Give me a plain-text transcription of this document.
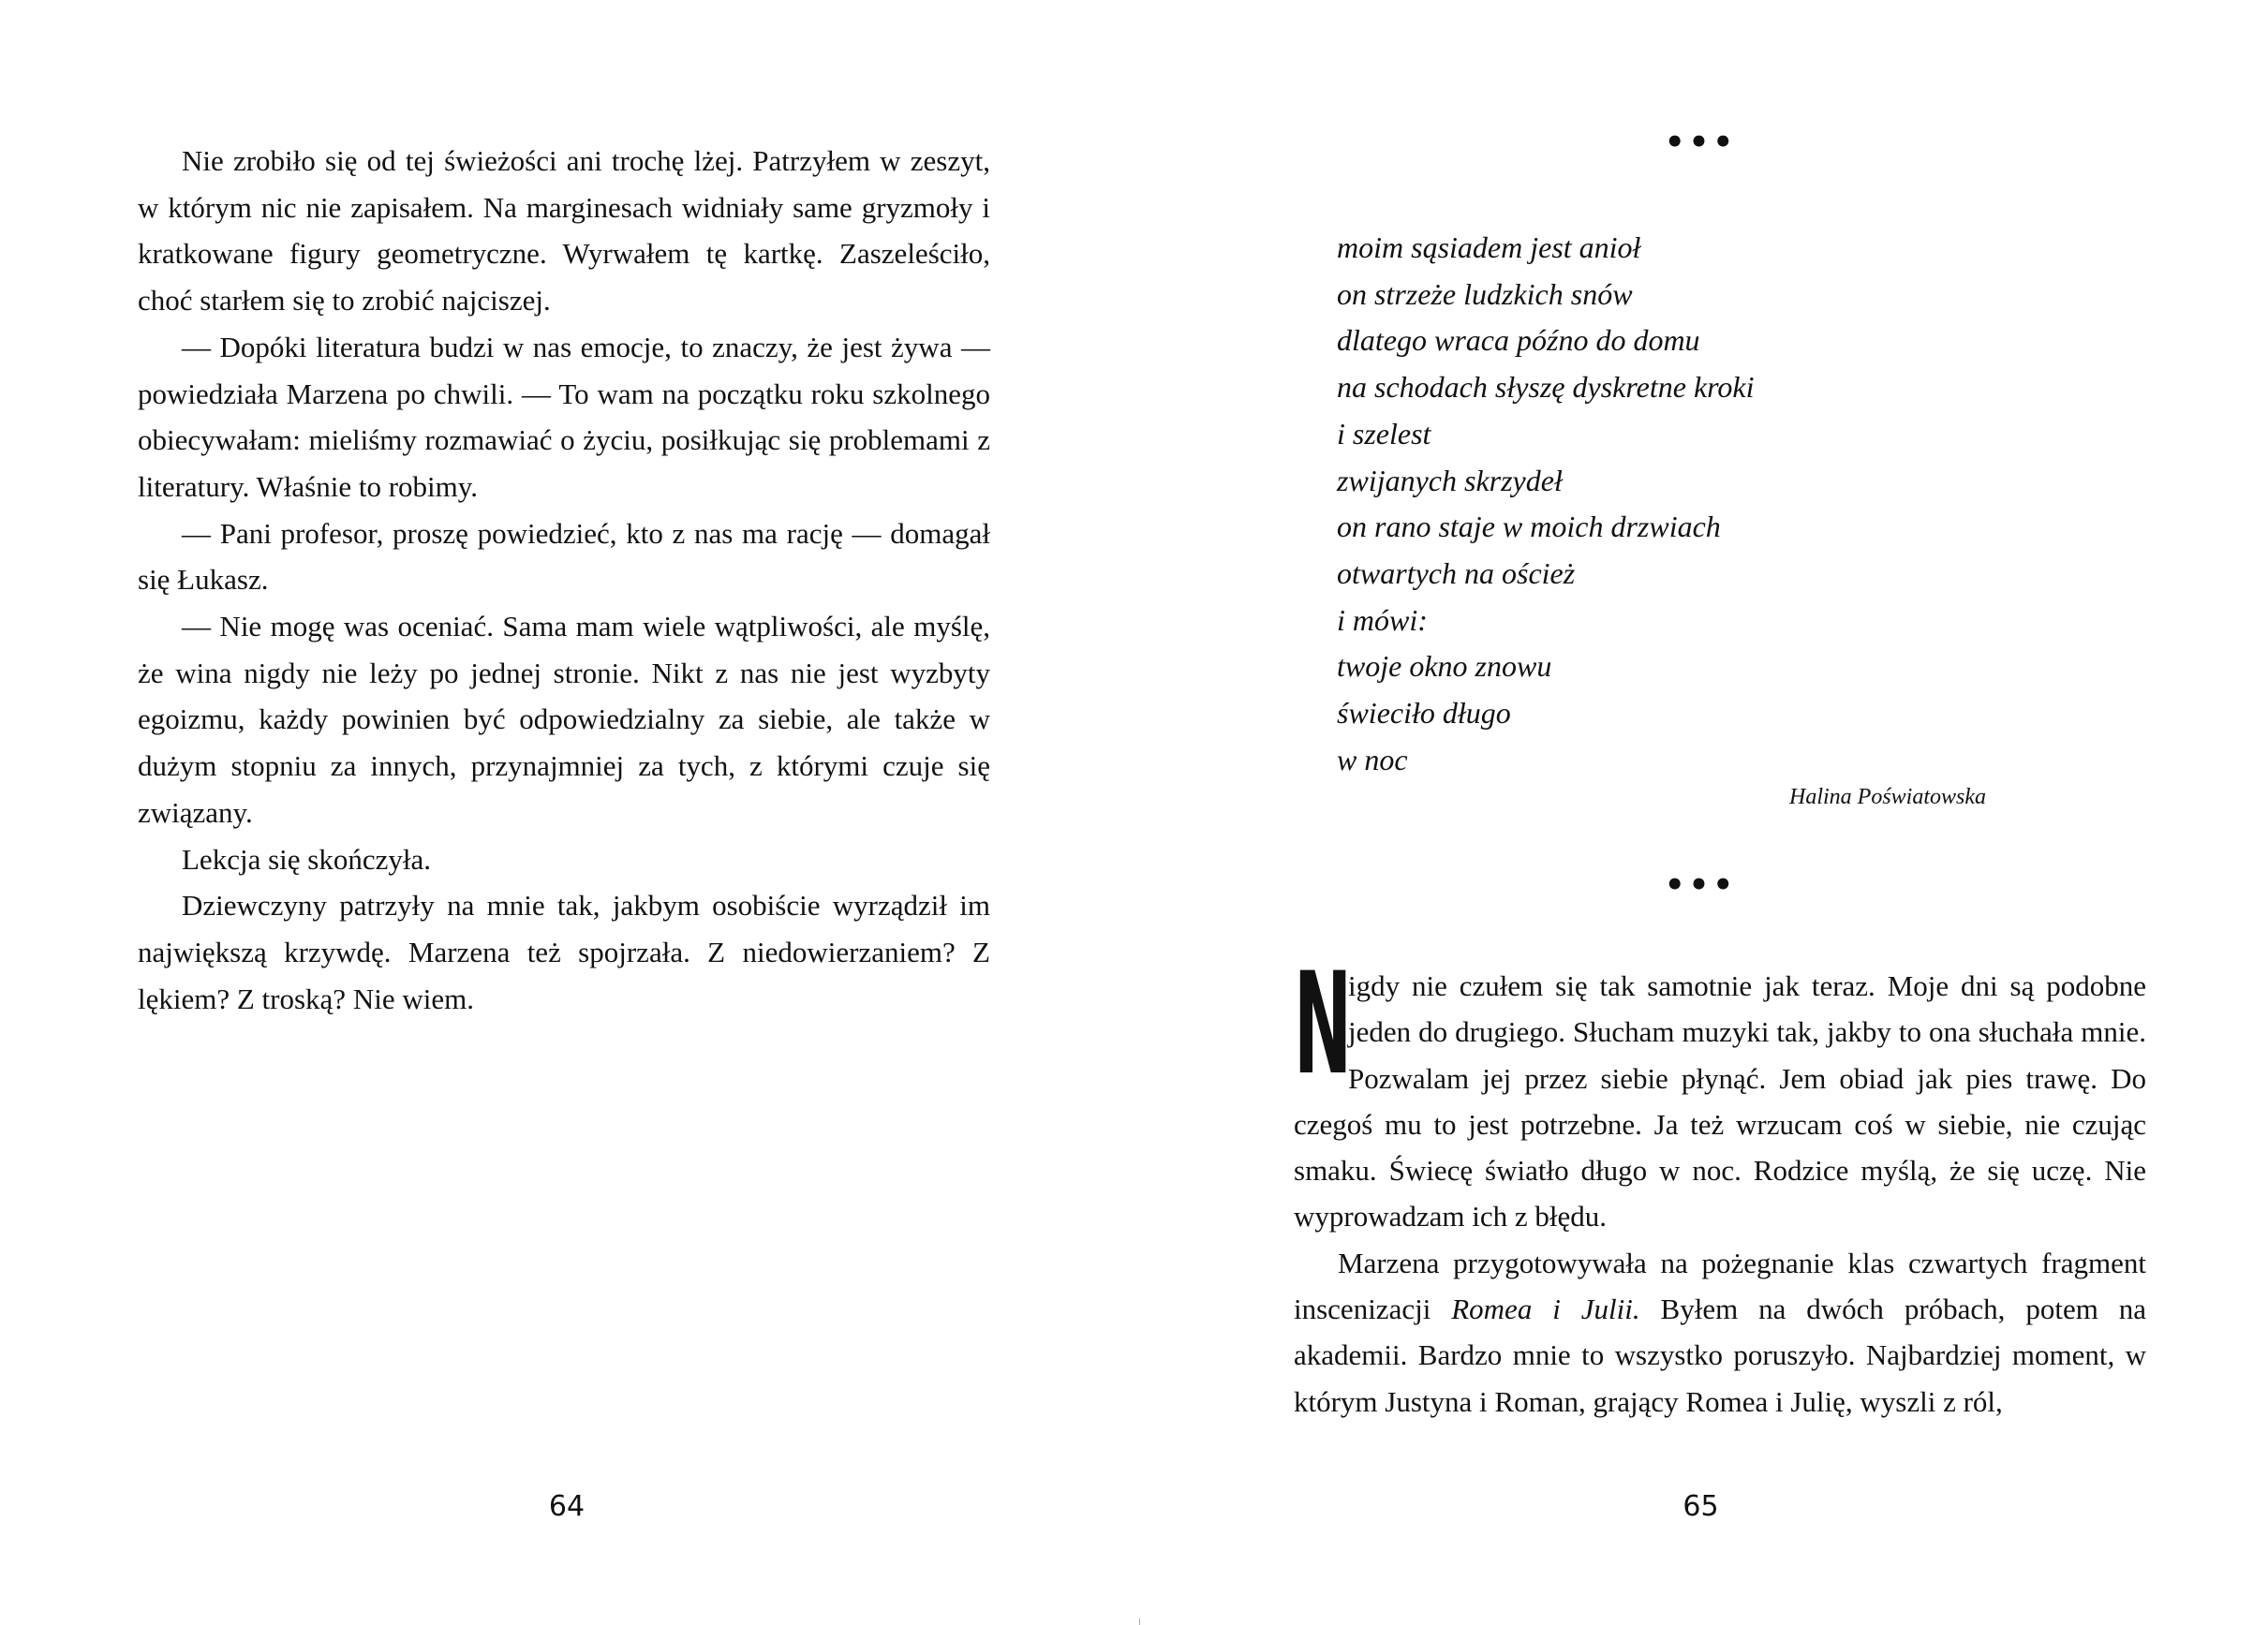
Nie zrobiło się od tej świeżości ani trochę lżej. Patrzyłem w zeszyt, w którym nic nie zapisałem. Na marginesach widniały same gryzmoły i kratkowane figury geometryczne. Wyrwałem tę kartkę. Zaszeleściło, choć starłem się to zrobić najciszej.

— Dopóki literatura budzi w nas emocje, to znaczy, że jest żywa — powiedziała Marzena po chwili. — To wam na początku roku szkolnego obiecywałam: mieliśmy rozmawiać o życiu, posiłkując się problemami z literatury. Właśnie to robimy.

— Pani profesor, proszę powiedzieć, kto z nas ma rację — domagał się Łukasz.

— Nie mogę was oceniać. Sama mam wiele wątpliwości, ale myślę, że wina nigdy nie leży po jednej stronie. Nikt z nas nie jest wyzbyty egoizmu, każdy powinien być odpowiedzialny za siebie, ale także w dużym stopniu za innych, przynajmniej za tych, z którymi czuje się związany.

Lekcja się skończyła.

Dziewczyny patrzyły na mnie tak, jakbym osobiście wyrządził im największą krzywdę. Marzena też spojrzała. Z niedowierzaniem? Z lękiem? Z troską? Nie wiem.

64
•••
moim sąsiadem jest anioł
on strzeże ludzkich snów
dlatego wraca późno do domu
na schodach słyszę dyskretne kroki
i szelest
zwijanych skrzydeł
on rano staje w moich drzwiach
otwartych na oścież
i mówi:
twoje okno znowu
świeciło długo
w noc
Halina Poświatowska
•••

N
igdy nie czułem się tak samotnie jak teraz. Moje dni są podobne jeden do drugiego. Słucham muzyki tak, jakby to ona słuchała mnie. Pozwalam jej przez siebie płynąć. Jem obiad jak pies trawę. Do czegoś mu to jest potrzebne. Ja też wrzucam coś w siebie, nie czując smaku. Świecę światło długo w noc. Rodzice myślą, że się uczę. Nie wyprowadzam ich z błędu.

Marzena przygotowywała na pożegnanie klas czwartych fragment inscenizacji Romea i Julii. Byłem na dwóch próbach, potem na akademii. Bardzo mnie to wszystko poruszyło. Najbardziej moment, w którym Justyna i Roman, grający Romea i Julię, wyszli z ról,

65
